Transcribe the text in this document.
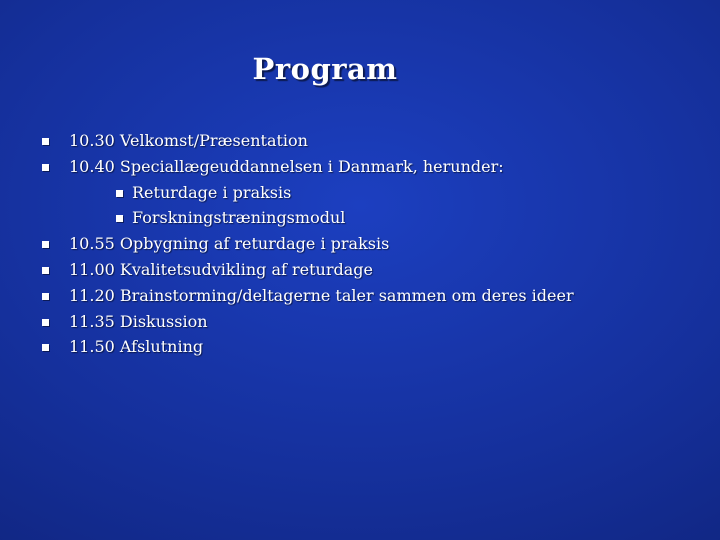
Program
10.30 Velkomst/Præsentation
10.40 Speciallægeuddannelsen i Danmark, herunder:
Returdage i praksis
Forskningstræningsmodul
10.55 Opbygning af returdage i praksis
11.00 Kvalitetsudvikling af returdage
11.20 Brainstorming/deltagerne taler sammen om deres ideer
11.35 Diskussion
11.50 Afslutning
